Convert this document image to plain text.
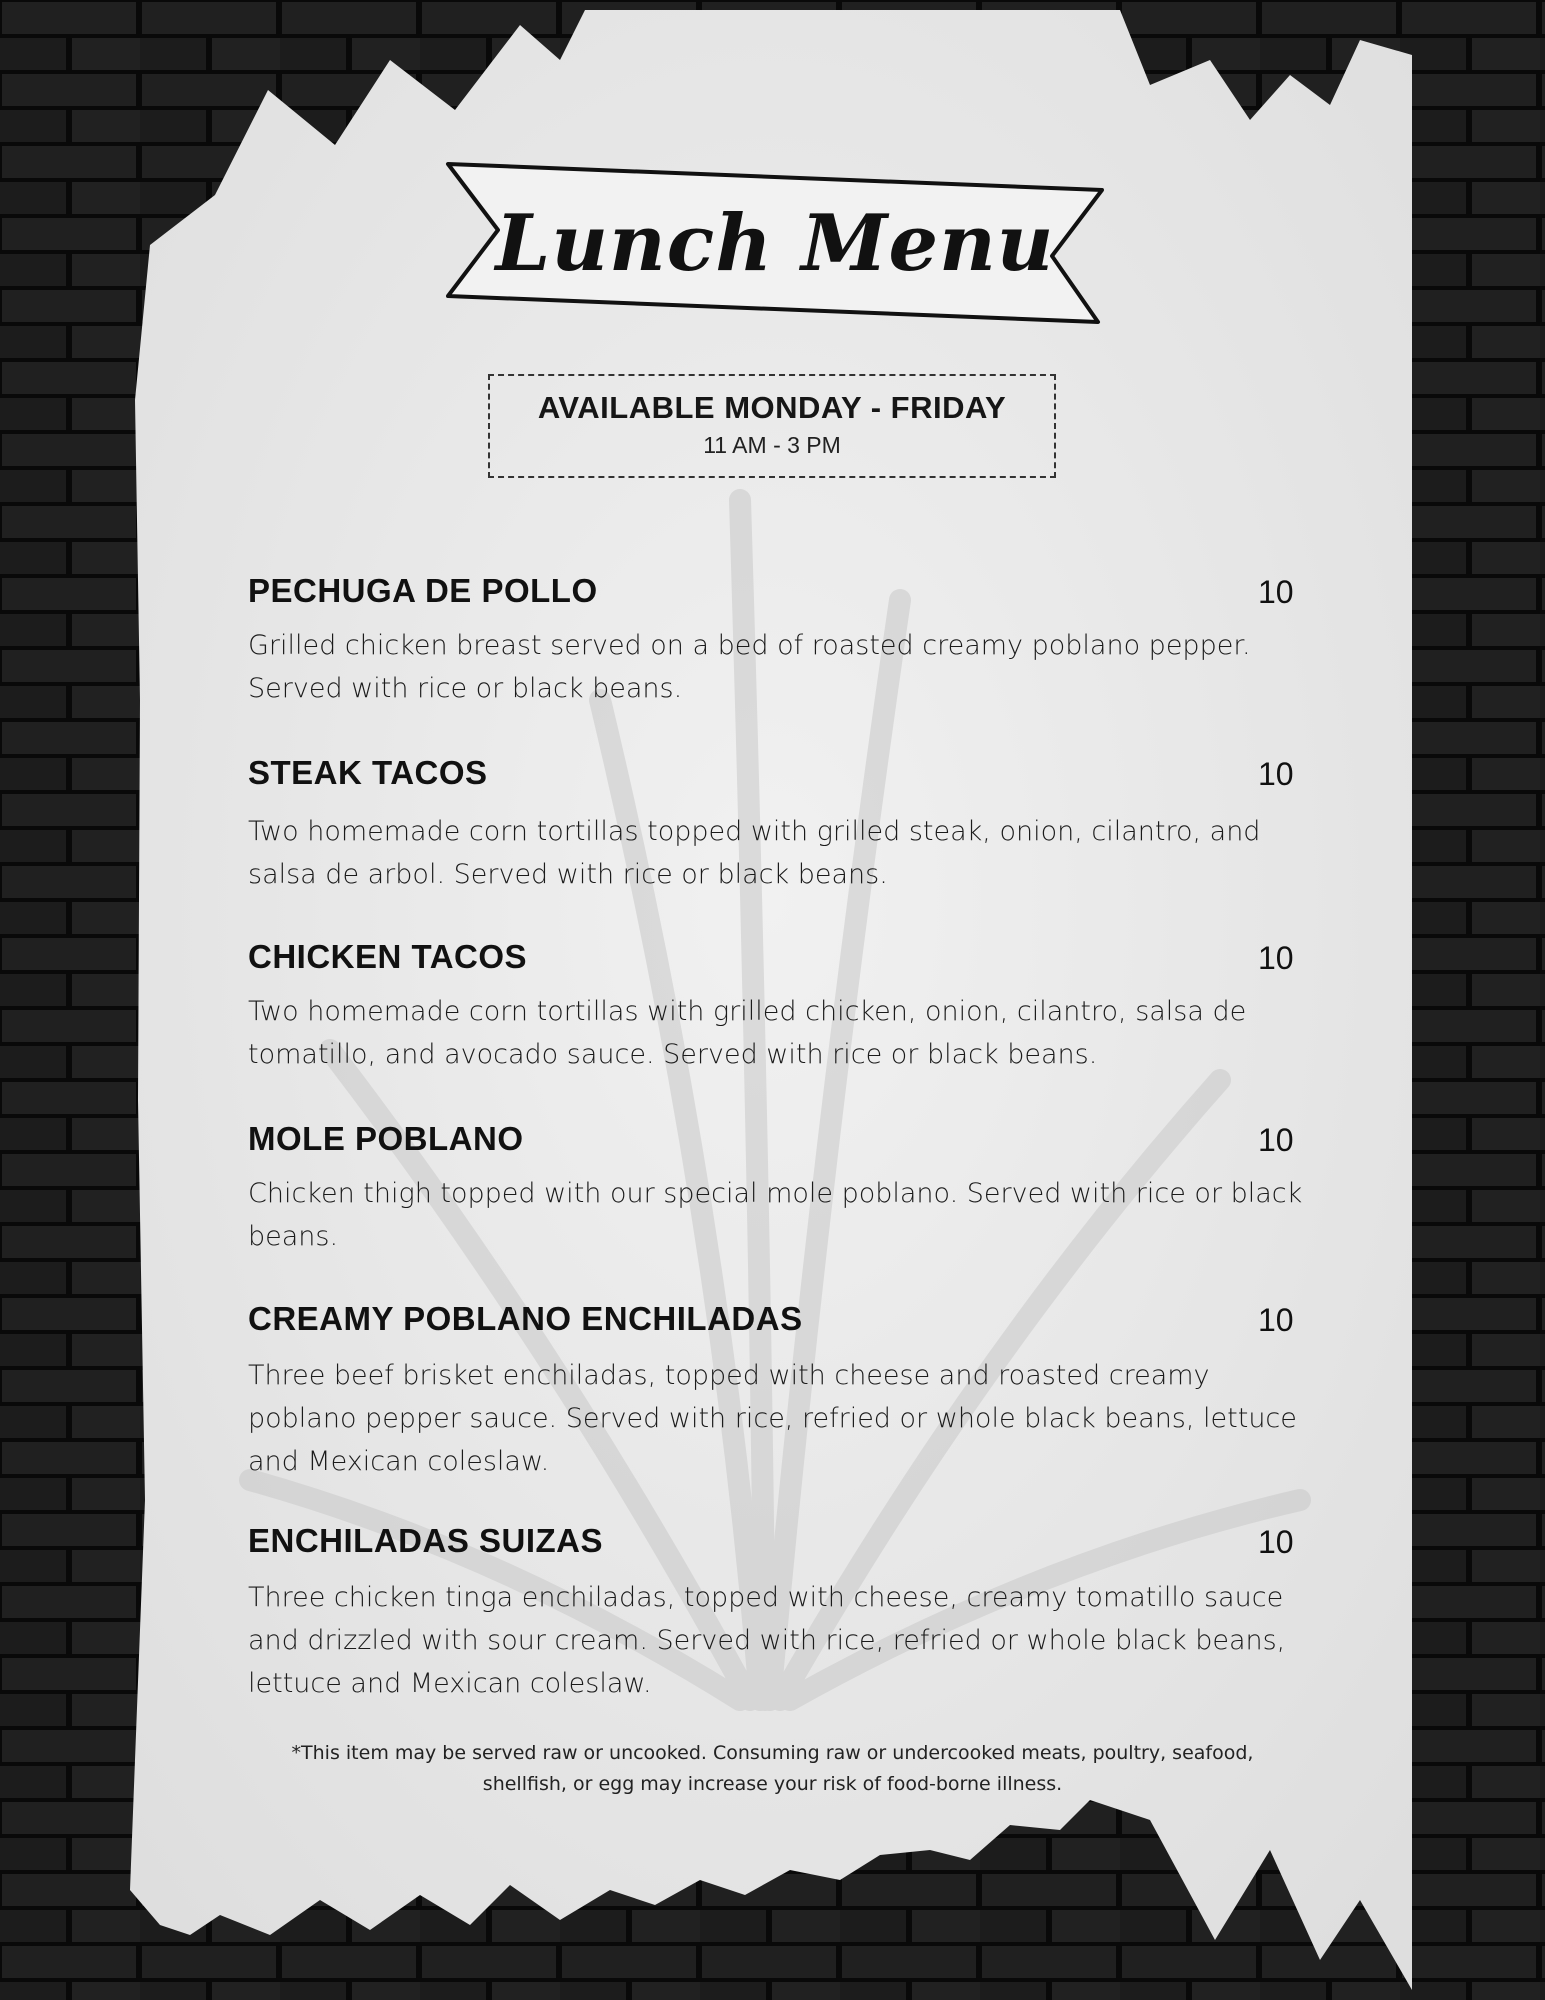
Lunch Menu
AVAILABLE MONDAY - FRIDAY
11 AM - 3 PM
PECHUGA DE POLLO	10
Grilled chicken breast served on a bed of roasted creamy poblano pepper. Served with rice or black beans.
STEAK TACOS	10
Two homemade corn tortillas topped with grilled steak, onion, cilantro, and salsa de arbol. Served with rice or black beans.
CHICKEN TACOS	10
Two homemade corn tortillas with grilled chicken, onion, cilantro, salsa de tomatillo, and avocado sauce. Served with rice or black beans.
MOLE POBLANO	10
Chicken thigh topped with our special mole poblano. Served with rice or black beans.
CREAMY POBLANO ENCHILADAS	10
Three beef brisket enchiladas, topped with cheese and roasted creamy poblano pepper sauce. Served with rice, refried or whole black beans, lettuce and Mexican coleslaw.
ENCHILADAS SUIZAS	10
Three chicken tinga enchiladas, topped with cheese, creamy tomatillo sauce and drizzled with sour cream. Served with rice, refried or whole black beans, lettuce and Mexican coleslaw.
*This item may be served raw or uncooked. Consuming raw or undercooked meats, poultry, seafood, shellfish, or egg may increase your risk of food-borne illness.
